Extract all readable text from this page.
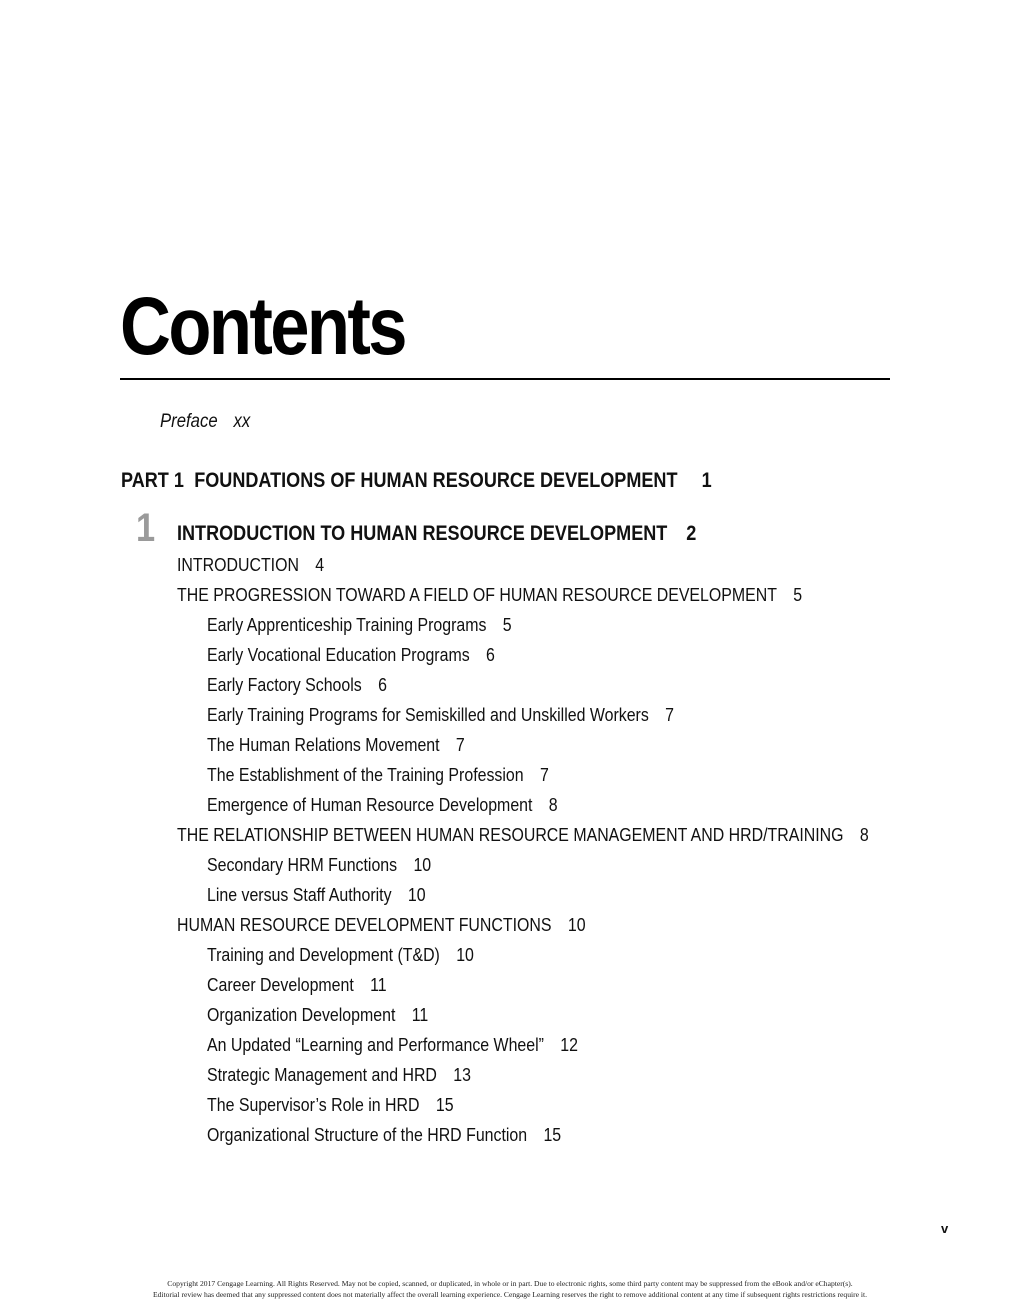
Contents
Preface xx
PART 1 FOUNDATIONS OF HUMAN RESOURCE DEVELOPMENT 1
1 INTRODUCTION TO HUMAN RESOURCE DEVELOPMENT 2
INTRODUCTION 4
THE PROGRESSION TOWARD A FIELD OF HUMAN RESOURCE DEVELOPMENT 5
Early Apprenticeship Training Programs 5
Early Vocational Education Programs 6
Early Factory Schools 6
Early Training Programs for Semiskilled and Unskilled Workers 7
The Human Relations Movement 7
The Establishment of the Training Profession 7
Emergence of Human Resource Development 8
THE RELATIONSHIP BETWEEN HUMAN RESOURCE MANAGEMENT AND HRD/TRAINING 8
Secondary HRM Functions 10
Line versus Staff Authority 10
HUMAN RESOURCE DEVELOPMENT FUNCTIONS 10
Training and Development (T&D) 10
Career Development 11
Organization Development 11
An Updated “Learning and Performance Wheel” 12
Strategic Management and HRD 13
The Supervisor’s Role in HRD 15
Organizational Structure of the HRD Function 15
v
Copyright 2017 Cengage Learning. All Rights Reserved. May not be copied, scanned, or duplicated, in whole or in part. Due to electronic rights, some third party content may be suppressed from the eBook and/or eChapter(s).
Editorial review has deemed that any suppressed content does not materially affect the overall learning experience. Cengage Learning reserves the right to remove additional content at any time if subsequent rights restrictions require it.
